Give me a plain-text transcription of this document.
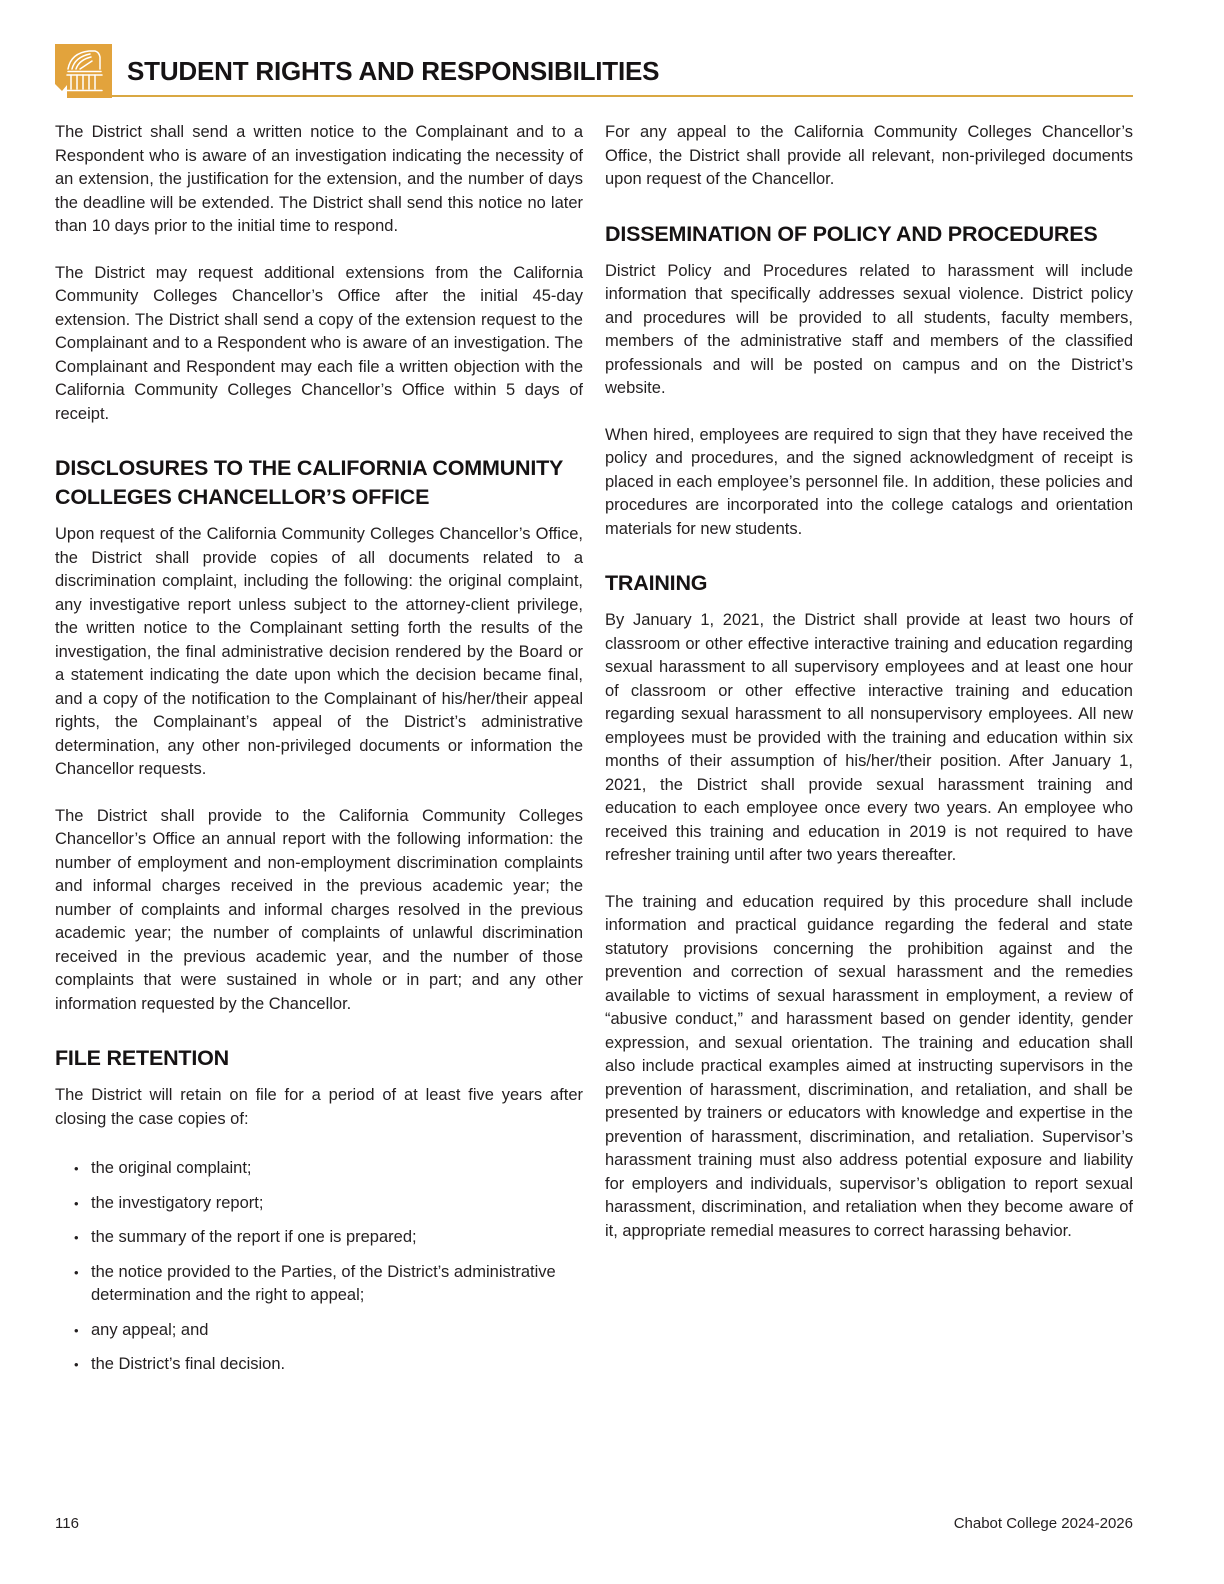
STUDENT RIGHTS AND RESPONSIBILITIES

The District shall send a written notice to the Complainant and to a Respondent who is aware of an investigation indicating the necessity of an extension, the justification for the extension, and the number of days the deadline will be extended. The District shall send this notice no later than 10 days prior to the initial time to respond.

The District may request additional extensions from the California Community Colleges Chancellor’s Office after the initial 45-day extension. The District shall send a copy of the extension request to the Complainant and to a Respondent who is aware of an investigation. The Complainant and Respondent may each file a written objection with the California Community Colleges Chancellor’s Office within 5 days of receipt.

DISCLOSURES TO THE CALIFORNIA COMMUNITY COLLEGES CHANCELLOR’S OFFICE

Upon request of the California Community Colleges Chancellor’s Office, the District shall provide copies of all documents related to a discrimination complaint, including the following: the original complaint, any investigative report unless subject to the attorney-client privilege, the written notice to the Complainant setting forth the results of the investigation, the final administrative decision rendered by the Board or a statement indicating the date upon which the decision became final, and a copy of the notification to the Complainant of his/her/their appeal rights, the Complainant’s appeal of the District’s administrative determination, any other non-privileged documents or information the Chancellor requests.

The District shall provide to the California Community Colleges Chancellor’s Office an annual report with the following information: the number of employment and non-employment discrimination complaints and informal charges received in the previous academic year; the number of complaints and informal charges resolved in the previous academic year; the number of complaints of unlawful discrimination received in the previous academic year, and the number of those complaints that were sustained in whole or in part; and any other information requested by the Chancellor.

FILE RETENTION

The District will retain on file for a period of at least five years after closing the case copies of:

• the original complaint;
• the investigatory report;
• the summary of the report if one is prepared;
• the notice provided to the Parties, of the District’s administrative determination and the right to appeal;
• any appeal; and
• the District’s final decision.

For any appeal to the California Community Colleges Chancellor’s Office, the District shall provide all relevant, non-privileged documents upon request of the Chancellor.

DISSEMINATION OF POLICY AND PROCEDURES

District Policy and Procedures related to harassment will include information that specifically addresses sexual violence. District policy and procedures will be provided to all students, faculty members, members of the administrative staff and members of the classified professionals and will be posted on campus and on the District’s website.

When hired, employees are required to sign that they have received the policy and procedures, and the signed acknowledgment of receipt is placed in each employee’s personnel file. In addition, these policies and procedures are incorporated into the college catalogs and orientation materials for new students.

TRAINING

By January 1, 2021, the District shall provide at least two hours of classroom or other effective interactive training and education regarding sexual harassment to all supervisory employees and at least one hour of classroom or other effective interactive training and education regarding sexual harassment to all nonsupervisory employees. All new employees must be provided with the training and education within six months of their assumption of his/her/their position. After January 1, 2021, the District shall provide sexual harassment training and education to each employee once every two years. An employee who received this training and education in 2019 is not required to have refresher training until after two years thereafter.

The training and education required by this procedure shall include information and practical guidance regarding the federal and state statutory provisions concerning the prohibition against and the prevention and correction of sexual harassment and the remedies available to victims of sexual harassment in employment, a review of “abusive conduct,” and harassment based on gender identity, gender expression, and sexual orientation. The training and education shall also include practical examples aimed at instructing supervisors in the prevention of harassment, discrimination, and retaliation, and shall be presented by trainers or educators with knowledge and expertise in the prevention of harassment, discrimination, and retaliation. Supervisor’s harassment training must also address potential exposure and liability for employers and individuals, supervisor’s obligation to report sexual harassment, discrimination, and retaliation when they become aware of it, appropriate remedial measures to correct harassing behavior.

116	Chabot College 2024-2026
